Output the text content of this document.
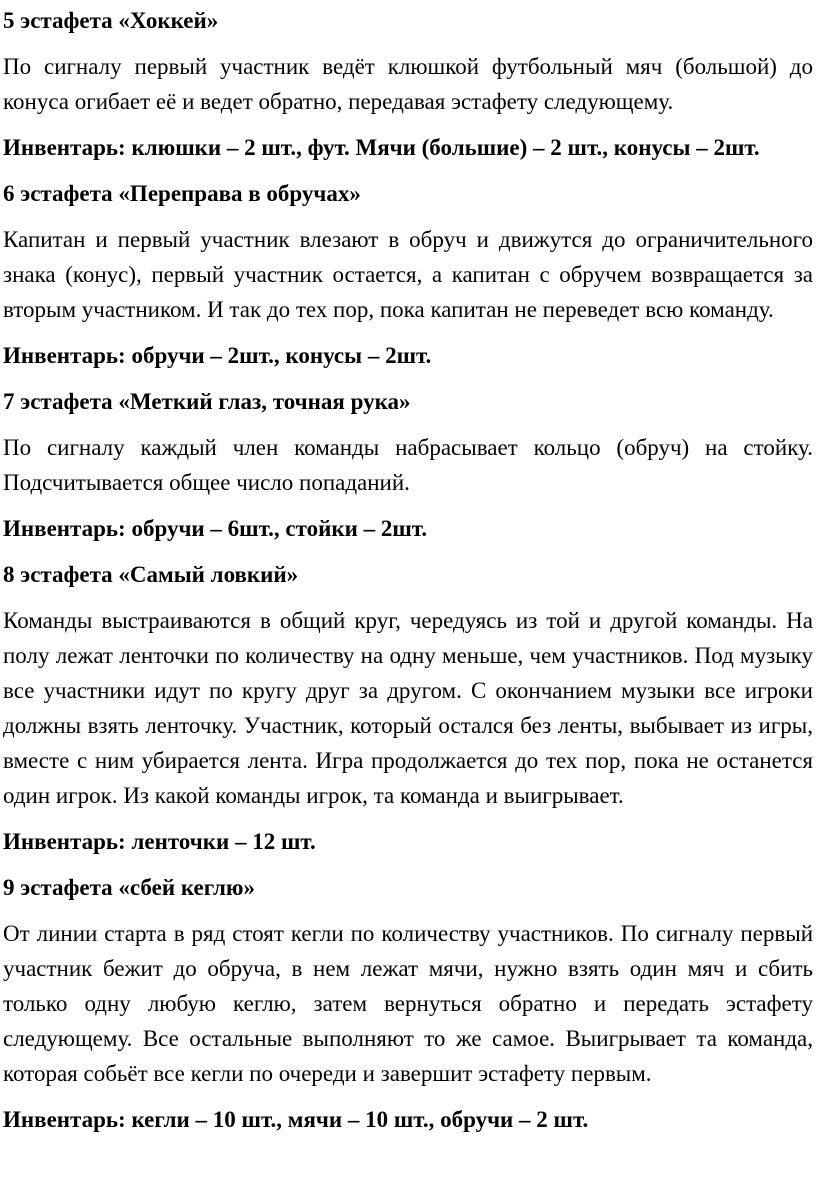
5 эстафета «Хоккей»

По сигналу первый участник ведёт клюшкой футбольный мяч (большой) до конуса огибает её и ведет обратно, передавая эстафету следующему.

Инвентарь: клюшки – 2 шт., фут. Мячи (большие) – 2 шт., конусы – 2шт.

6 эстафета «Переправа в обручах»

Капитан и первый участник влезают в обруч и движутся до ограничительного знака (конус), первый участник остается, а капитан с обручем возвращается за вторым участником. И так до тех пор, пока капитан не переведет всю команду.

Инвентарь: обручи – 2шт., конусы – 2шт.

7 эстафета «Меткий глаз, точная рука»

По сигналу каждый член команды набрасывает кольцо (обруч) на стойку. Подсчитывается общее число попаданий.

Инвентарь: обручи – 6шт., стойки – 2шт.

8 эстафета «Самый ловкий»

Команды выстраиваются в общий круг, чередуясь из той и другой команды. На полу лежат ленточки по количеству на одну меньше, чем участников. Под музыку все участники идут по кругу друг за другом. С окончанием музыки все игроки должны взять ленточку. Участник, который остался без ленты, выбывает из игры, вместе с ним убирается лента. Игра продолжается до тех пор, пока не останется один игрок. Из какой команды игрок, та команда и выигрывает.

Инвентарь: ленточки – 12 шт.

9 эстафета «сбей кеглю»

От линии старта в ряд стоят кегли по количеству участников. По сигналу первый участник бежит до обруча, в нем лежат мячи, нужно взять один мяч и сбить только одну любую кеглю, затем вернуться обратно и передать эстафету следующему. Все остальные выполняют то же самое. Выигрывает та команда, которая собьёт все кегли по очереди и завершит эстафету первым.

Инвентарь: кегли – 10 шт., мячи – 10 шт., обручи – 2 шт.
